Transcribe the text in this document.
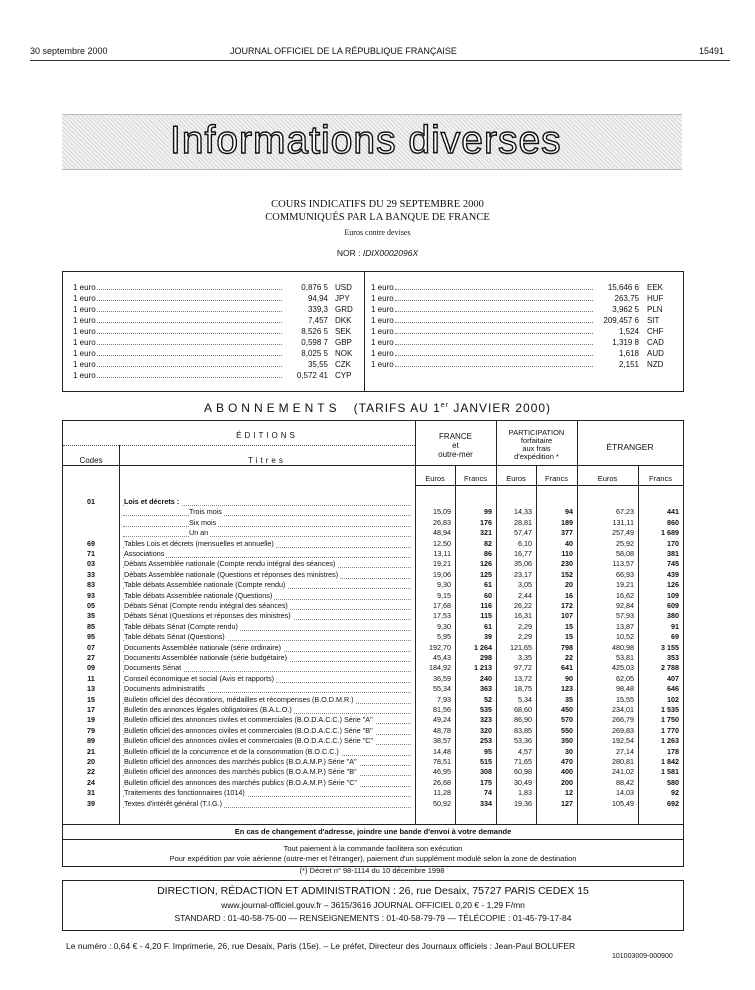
30 septembre 2000	JOURNAL OFFICIEL DE LA RÉPUBLIQUE FRANÇAISE	15491
Informations diverses
COURS INDICATIFS DU 29 SEPTEMBRE 2000
COMMUNIQUÉS PAR LA BANQUE DE FRANCE
Euros contre devises
NOR : IDIX0002096X
1 euro	0,876 5 USD
1 euro	94,94 JPY
1 euro	339,3 GRD
1 euro	7,457 DKK
1 euro	8,526 5 SEK
1 euro	0,598 7 GBP
1 euro	8,025 5 NOK
1 euro	35,55 CZK
1 euro	0,572 41 CYP
1 euro	15,646 6 EEK
1 euro	263,75 HUF
1 euro	3,962 5 PLN
1 euro	209,457 6 SIT
1 euro	1,524 CHF
1 euro	1,319 8 CAD
1 euro	1,618 AUD
1 euro	2,151 NZD
ABONNEMENTS (TARIFS AU 1er JANVIER 2000)
ÉDITIONS
Codes	Titres
FRANCE
et
outre-mer
PARTICIPATION
forfaitaire
aux frais
d'expédition *
ÉTRANGER
Euros	Francs	Euros	Francs	Euros	Francs
01	Lois et décrets :
Trois mois	15,09	99	14,33	94	67,23	441
Six mois	26,83	176	28,81	189	131,11	860
Un an	48,94	321	57,47	377	257,49	1 689
69	Tables Lois et décrets (mensuelles et annuelle)	12,50	82	6,10	40	25,92	170
71	Associations	13,11	86	16,77	110	58,08	381
03	Débats Assemblée nationale (Compte rendu intégral des séances)	19,21	126	35,06	230	113,57	745
33	Débats Assemblée nationale (Questions et réponses des ministres)	19,06	125	23,17	152	66,93	439
83	Table débats Assemblée nationale (Compte rendu)	9,30	61	3,05	20	19,21	126
93	Table débats Assemblée nationale (Questions)	9,15	60	2,44	16	16,62	109
05	Débats Sénat (Compte rendu intégral des séances)	17,68	116	26,22	172	92,84	609
35	Débats Sénat (Questions et réponses des ministres)	17,53	115	16,31	107	57,93	380
85	Table débats Sénat (Compte rendu)	9,30	61	2,29	15	13,87	91
95	Table débats Sénat (Questions)	5,95	39	2,29	15	10,52	69
07	Documents Assemblée nationale (série ordinaire)	192,70	1 264	121,65	798	480,98	3 155
27	Documents Assemblée nationale (série budgétaire)	45,43	298	3,35	22	53,81	353
09	Documents Sénat	184,92	1 213	97,72	641	425,03	2 788
11	Conseil économique et social (Avis et rapports)	36,59	240	13,72	90	62,05	407
13	Documents administratifs	55,34	363	18,75	123	98,48	646
15	Bulletin officiel des décorations, médailles et récompenses (B.O.D.M.R.)	7,93	52	5,34	35	15,55	102
17	Bulletin des annonces légales obligatoires (B.A.L.O.)	81,56	535	68,60	450	234,01	1 535
19	Bulletin officiel des annonces civiles et commerciales (B.O.D.A.C.C.) Série "A"	49,24	323	86,90	570	266,79	1 750
79	Bulletin officiel des annonces civiles et commerciales (B.O.D.A.C.C.) Série "B"	48,78	320	83,85	550	269,83	1 770
89	Bulletin officiel des annonces civiles et commerciales (B.O.D.A.C.C.) Série "C"	38,57	253	53,36	350	192,54	1 263
21	Bulletin officiel de la concurrence et de la consommation (B.O.C.C.)	14,48	95	4,57	30	27,14	178
20	Bulletin officiel des annonces des marchés publics (B.O.A.M.P.) Série "A"	78,51	515	71,65	470	280,81	1 842
22	Bulletin officiel des annonces des marchés publics (B.O.A.M.P.) Série "B"	46,95	308	60,98	400	241,02	1 581
24	Bulletin officiel des annonces des marchés publics (B.O.A.M.P.) Série "C"	26,68	175	30,49	200	88,42	580
31	Traitements des fonctionnaires (1014)	11,28	74	1,83	12	14,03	92
39	Textes d'intérêt général (T.I.G.)	50,92	334	19,36	127	105,49	692
En cas de changement d'adresse, joindre une bande d'envoi à votre demande
Tout paiement à la commande facilitera son exécution
Pour expédition par voie aérienne (outre-mer et l'étranger), paiement d'un supplément modulé selon la zone de destination
(*) Décret n° 98-1114 du 10 décembre 1998
DIRECTION, RÉDACTION ET ADMINISTRATION : 26, rue Desaix, 75727 PARIS CEDEX 15
www.journal-officiel.gouv.fr – 3615/3616 JOURNAL OFFICIEL 0,20 € - 1,29 F/mn
STANDARD : 01-40-58-75-00 — RENSEIGNEMENTS : 01-40-58-79-79 — TÉLÉCOPIE : 01-45-79-17-84
Le numéro : 0,64 € - 4,20 F. Imprimerie, 26, rue Desaix, Paris (15e). – Le préfet, Directeur des Journaux officiels : Jean-Paul BOLUFER
101003009-000900
